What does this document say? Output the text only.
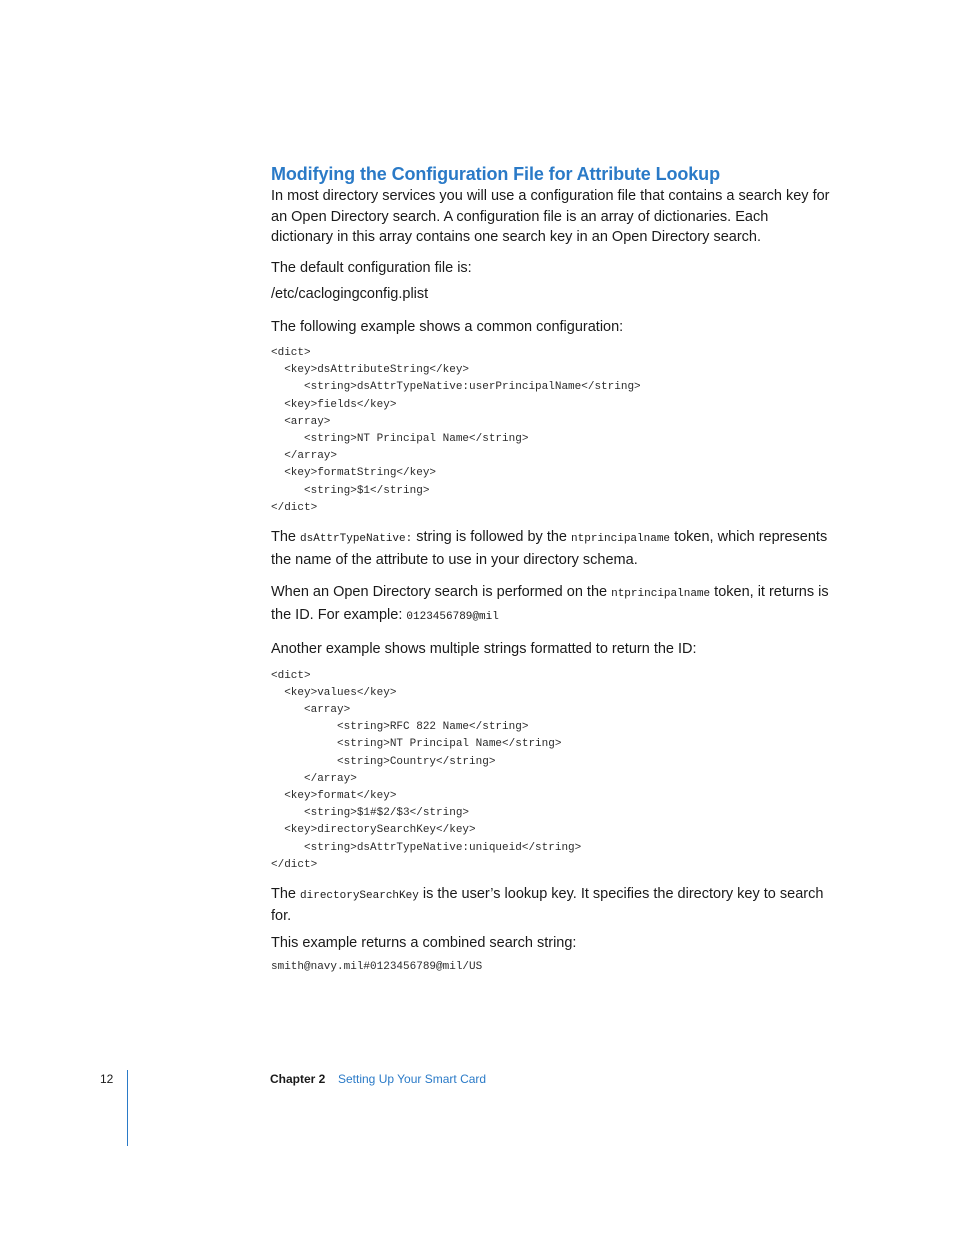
Modifying the Configuration File for Attribute Lookup

In most directory services you will use a configuration file that contains a search key for an Open Directory search. A configuration file is an array of dictionaries. Each dictionary in this array contains one search key in an Open Directory search.

The default configuration file is:

/etc/caclogingconfig.plist

The following example shows a common configuration:

<dict>
<key>dsAttributeString</key>
<string>dsAttrTypeNative:userPrincipalName</string>
<key>fields</key>
<array>
<string>NT Principal Name</string>
</array>
<key>formatString</key>
<string>$1</string>
</dict>

The dsAttrTypeNative: string is followed by the ntprincipalname token, which represents the name of the attribute to use in your directory schema.

When an Open Directory search is performed on the ntprincipalname token, it returns is the ID. For example: 0123456789@mil

Another example shows multiple strings formatted to return the ID:

<dict>
<key>values</key>
<array>
<string>RFC 822 Name</string>
<string>NT Principal Name</string>
<string>Country</string>
</array>
<key>format</key>
<string>$1#$2/$3</string>
<key>directorySearchKey</key>
<string>dsAttrTypeNative:uniqueid</string>
</dict>

The directorySearchKey is the user’s lookup key. It specifies the directory key to search for.

This example returns a combined search string:

smith@navy.mil#0123456789@mil/US
12	Chapter 2 Setting Up Your Smart Card
